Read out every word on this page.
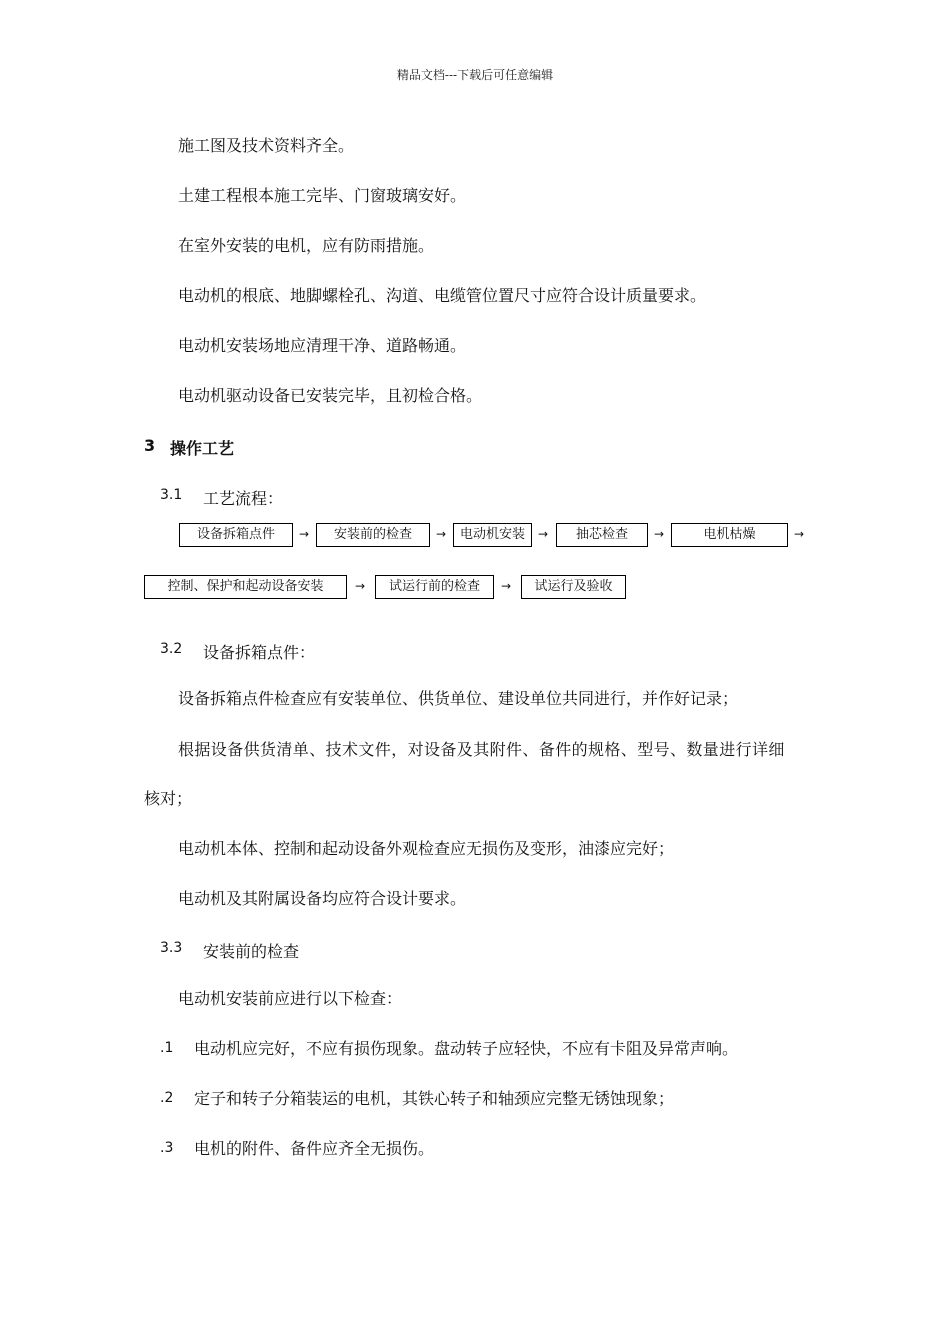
精品文档---下载后可任意编辑
施工图及技术资料齐全。
土建工程根本施工完毕、门窗玻璃安好。
在室外安装的电机，应有防雨措施。
电动机的根底、地脚螺栓孔、沟道、电缆管位置尺寸应符合设计质量要求。
电动机安装场地应清理干净、道路畅通。
电动机驱动设备已安装完毕，且初检合格。
3 操作工艺
3.1 工艺流程：
设备拆箱点件	→	安装前的检查	→	电动机安装	→	抽芯检查	→	电机枯燥	→
控制、保护和起动设备安装	→	试运行前的检查	→	试运行及验收
3.2 设备拆箱点件：
设备拆箱点件检查应有安装单位、供货单位、建设单位共同进行，并作好记录；
根据设备供货清单、技术文件，对设备及其附件、备件的规格、型号、数量进行详细
核对；
电动机本体、控制和起动设备外观检查应无损伤及变形，油漆应完好；
电动机及其附属设备均应符合设计要求。
3.3 安装前的检查
电动机安装前应进行以下检查：
.1 电动机应完好，不应有损伤现象。盘动转子应轻快，不应有卡阻及异常声响。
.2 定子和转子分箱装运的电机，其铁心转子和轴颈应完整无锈蚀现象；
.3 电机的附件、备件应齐全无损伤。
